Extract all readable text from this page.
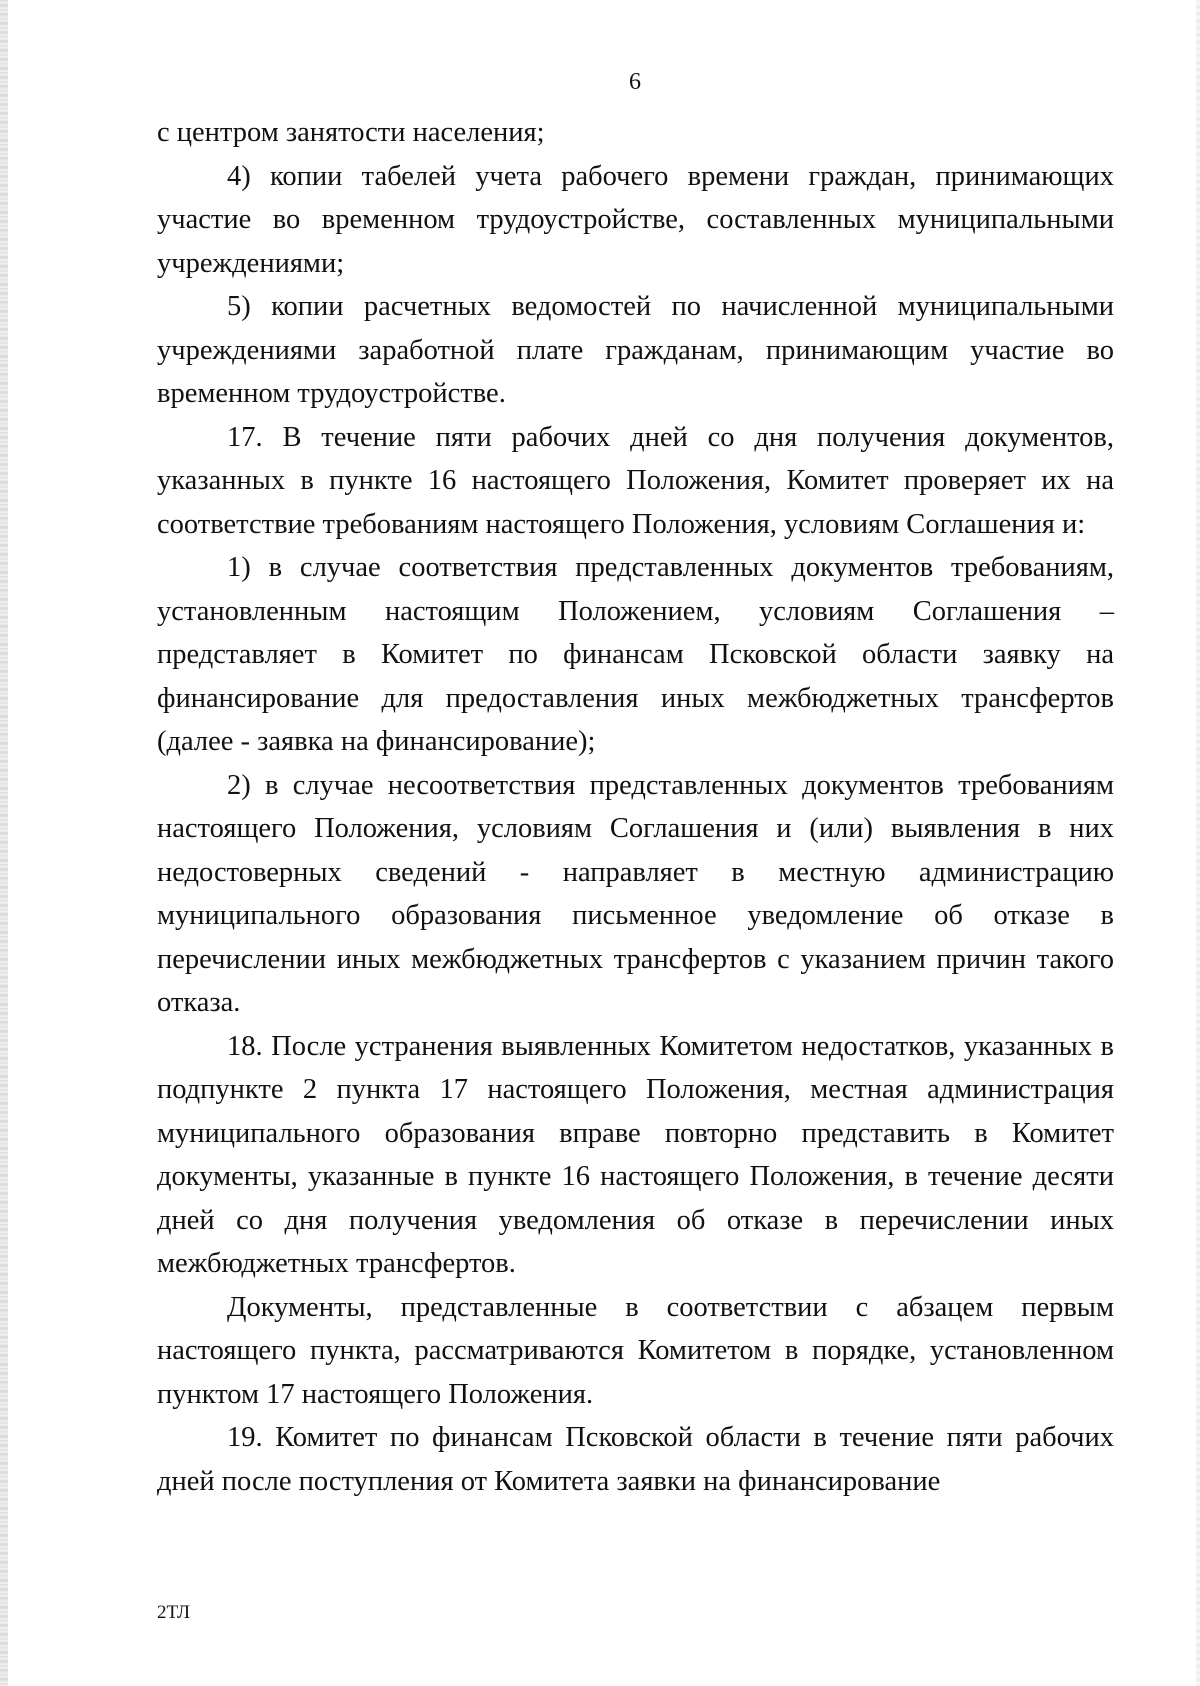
6

с центром занятости населения;

4) копии табелей учета рабочего времени граждан, принимающих участие во временном трудоустройстве, составленных муниципальными учреждениями;

5) копии расчетных ведомостей по начисленной муниципальными учреждениями заработной плате гражданам, принимающим участие во временном трудоустройстве.

17. В течение пяти рабочих дней со дня получения документов, указанных в пункте 16 настоящего Положения, Комитет проверяет их на соответствие требованиям настоящего Положения, условиям Соглашения и:

1) в случае соответствия представленных документов требованиям, установленным настоящим Положением, условиям Соглашения – представляет в Комитет по финансам Псковской области заявку на финансирование для предоставления иных межбюджетных трансфертов (далее - заявка на финансирование);

2) в случае несоответствия представленных документов требованиям настоящего Положения, условиям Соглашения и (или) выявления в них недостоверных сведений - направляет в местную администрацию муниципального образования письменное уведомление об отказе в перечислении иных межбюджетных трансфертов с указанием причин такого отказа.

18. После устранения выявленных Комитетом недостатков, указанных в подпункте 2 пункта 17 настоящего Положения, местная администрация муниципального образования вправе повторно представить в Комитет документы, указанные в пункте 16 настоящего Положения, в течение десяти дней со дня получения уведомления об отказе в перечислении иных межбюджетных трансфертов.

Документы, представленные в соответствии с абзацем первым настоящего пункта, рассматриваются Комитетом в порядке, установленном пунктом 17 настоящего Положения.

19. Комитет по финансам Псковской области в течение пяти рабочих дней после поступления от Комитета заявки на финансирование

2ТЛ
